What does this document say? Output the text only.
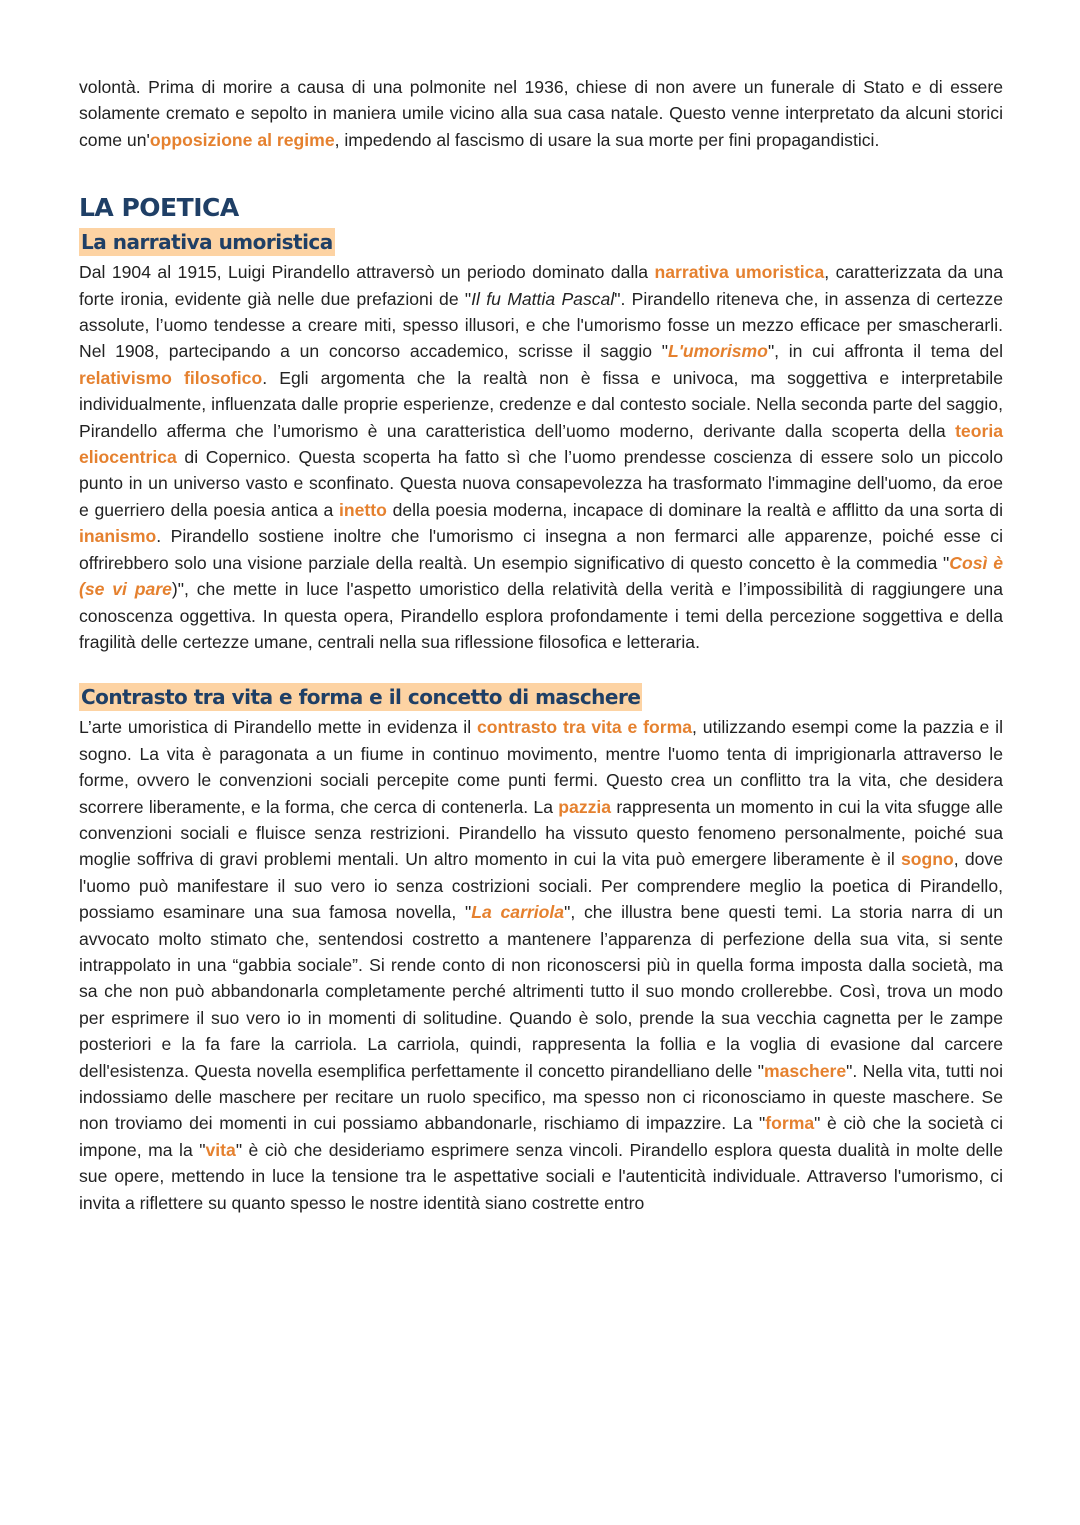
volontà. Prima di morire a causa di una polmonite nel 1936, chiese di non avere un funerale di Stato e di essere solamente cremato e sepolto in maniera umile vicino alla sua casa natale. Questo venne interpretato da alcuni storici come un'opposizione al regime, impedendo al fascismo di usare la sua morte per fini propagandistici.

LA POETICA
La narrativa umoristica

Dal 1904 al 1915, Luigi Pirandello attraversò un periodo dominato dalla narrativa umoristica, caratterizzata da una forte ironia, evidente già nelle due prefazioni de "Il fu Mattia Pascal". Pirandello riteneva che, in assenza di certezze assolute, l’uomo tendesse a creare miti, spesso illusori, e che l'umorismo fosse un mezzo efficace per smascherarli. Nel 1908, partecipando a un concorso accademico, scrisse il saggio "L'umorismo", in cui affronta il tema del relativismo filosofico. Egli argomenta che la realtà non è fissa e univoca, ma soggettiva e interpretabile individualmente, influenzata dalle proprie esperienze, credenze e dal contesto sociale. Nella seconda parte del saggio, Pirandello afferma che l’umorismo è una caratteristica dell’uomo moderno, derivante dalla scoperta della teoria eliocentrica di Copernico. Questa scoperta ha fatto sì che l’uomo prendesse coscienza di essere solo un piccolo punto in un universo vasto e sconfinato. Questa nuova consapevolezza ha trasformato l'immagine dell'uomo, da eroe e guerriero della poesia antica a inetto della poesia moderna, incapace di dominare la realtà e afflitto da una sorta di inanismo. Pirandello sostiene inoltre che l'umorismo ci insegna a non fermarci alle apparenze, poiché esse ci offrirebbero solo una visione parziale della realtà. Un esempio significativo di questo concetto è la commedia "Così è (se vi pare)", che mette in luce l'aspetto umoristico della relatività della verità e l’impossibilità di raggiungere una conoscenza oggettiva. In questa opera, Pirandello esplora profondamente i temi della percezione soggettiva e della fragilità delle certezze umane, centrali nella sua riflessione filosofica e letteraria.

Contrasto tra vita e forma e il concetto di maschere

L’arte umoristica di Pirandello mette in evidenza il contrasto tra vita e forma, utilizzando esempi come la pazzia e il sogno. La vita è paragonata a un fiume in continuo movimento, mentre l'uomo tenta di imprigionarla attraverso le forme, ovvero le convenzioni sociali percepite come punti fermi. Questo crea un conflitto tra la vita, che desidera scorrere liberamente, e la forma, che cerca di contenerla. La pazzia rappresenta un momento in cui la vita sfugge alle convenzioni sociali e fluisce senza restrizioni. Pirandello ha vissuto questo fenomeno personalmente, poiché sua moglie soffriva di gravi problemi mentali. Un altro momento in cui la vita può emergere liberamente è il sogno, dove l'uomo può manifestare il suo vero io senza costrizioni sociali. Per comprendere meglio la poetica di Pirandello, possiamo esaminare una sua famosa novella, "La carriola", che illustra bene questi temi. La storia narra di un avvocato molto stimato che, sentendosi costretto a mantenere l’apparenza di perfezione della sua vita, si sente intrappolato in una “gabbia sociale”. Si rende conto di non riconoscersi più in quella forma imposta dalla società, ma sa che non può abbandonarla completamente perché altrimenti tutto il suo mondo crollerebbe. Così, trova un modo per esprimere il suo vero io in momenti di solitudine. Quando è solo, prende la sua vecchia cagnetta per le zampe posteriori e la fa fare la carriola. La carriola, quindi, rappresenta la follia e la voglia di evasione dal carcere dell'esistenza. Questa novella esemplifica perfettamente il concetto pirandelliano delle "maschere". Nella vita, tutti noi indossiamo delle maschere per recitare un ruolo specifico, ma spesso non ci riconosciamo in queste maschere. Se non troviamo dei momenti in cui possiamo abbandonarle, rischiamo di impazzire. La "forma" è ciò che la società ci impone, ma la "vita" è ciò che desideriamo esprimere senza vincoli. Pirandello esplora questa dualità in molte delle sue opere, mettendo in luce la tensione tra le aspettative sociali e l'autenticità individuale. Attraverso l'umorismo, ci invita a riflettere su quanto spesso le nostre identità siano costrette entro
